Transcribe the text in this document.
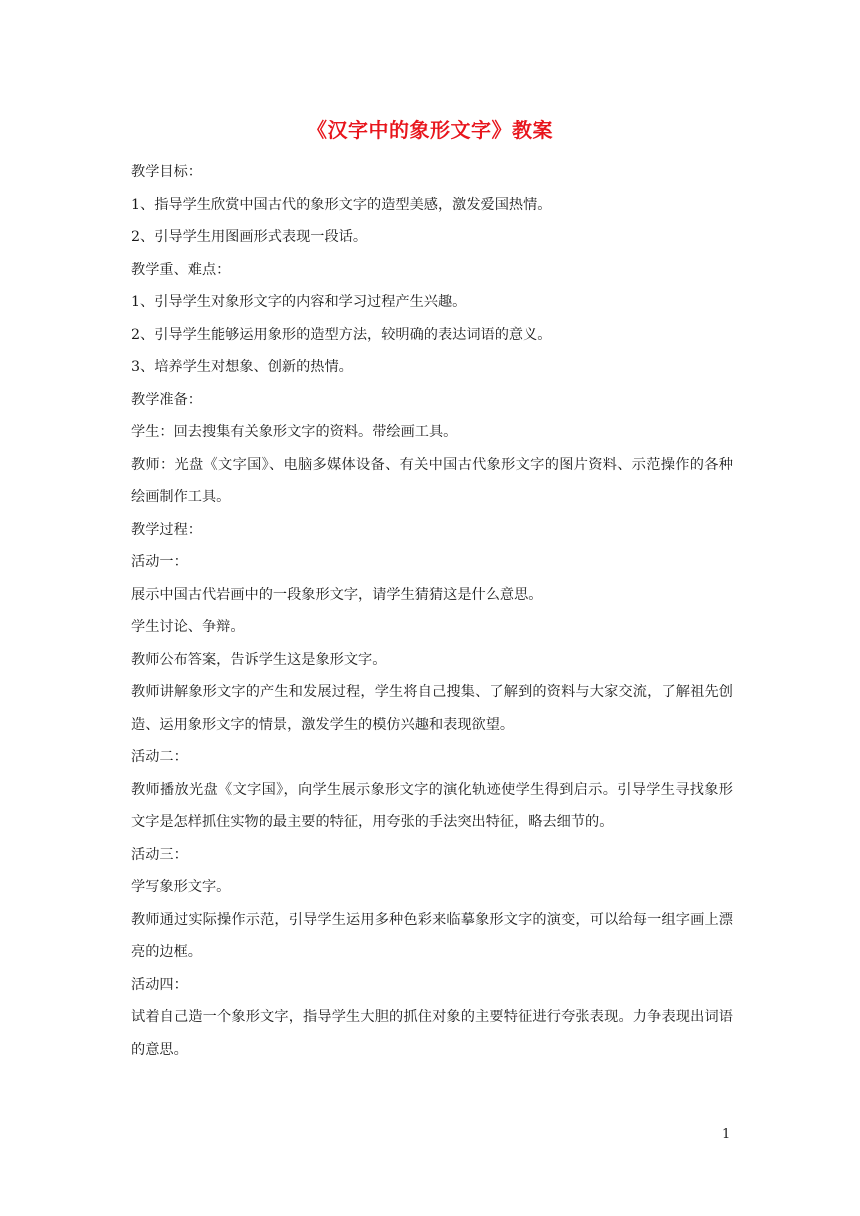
《汉字中的象形文字》教案

教学目标：

1、指导学生欣赏中国古代的象形文字的造型美感，激发爱国热情。

2、引导学生用图画形式表现一段话。

教学重、难点：

1、引导学生对象形文字的内容和学习过程产生兴趣。

2、引导学生能够运用象形的造型方法，较明确的表达词语的意义。

3、培养学生对想象、创新的热情。

教学准备：

学生：回去搜集有关象形文字的资料。带绘画工具。

教师：光盘《文字国》、电脑多媒体设备、有关中国古代象形文字的图片资料、示范操作的各种绘画制作工具。

教学过程：

活动一：

展示中国古代岩画中的一段象形文字，请学生猜猜这是什么意思。

学生讨论、争辩。

教师公布答案，告诉学生这是象形文字。

教师讲解象形文字的产生和发展过程，学生将自己搜集、了解到的资料与大家交流，了解祖先创造、运用象形文字的情景，激发学生的模仿兴趣和表现欲望。

活动二：

教师播放光盘《文字国》，向学生展示象形文字的演化轨迹使学生得到启示。引导学生寻找象形文字是怎样抓住实物的最主要的特征，用夸张的手法突出特征，略去细节的。

活动三：

学写象形文字。

教师通过实际操作示范，引导学生运用多种色彩来临摹象形文字的演变，可以给每一组字画上漂亮的边框。

活动四：

试着自己造一个象形文字，指导学生大胆的抓住对象的主要特征进行夸张表现。力争表现出词语的意思。

1
